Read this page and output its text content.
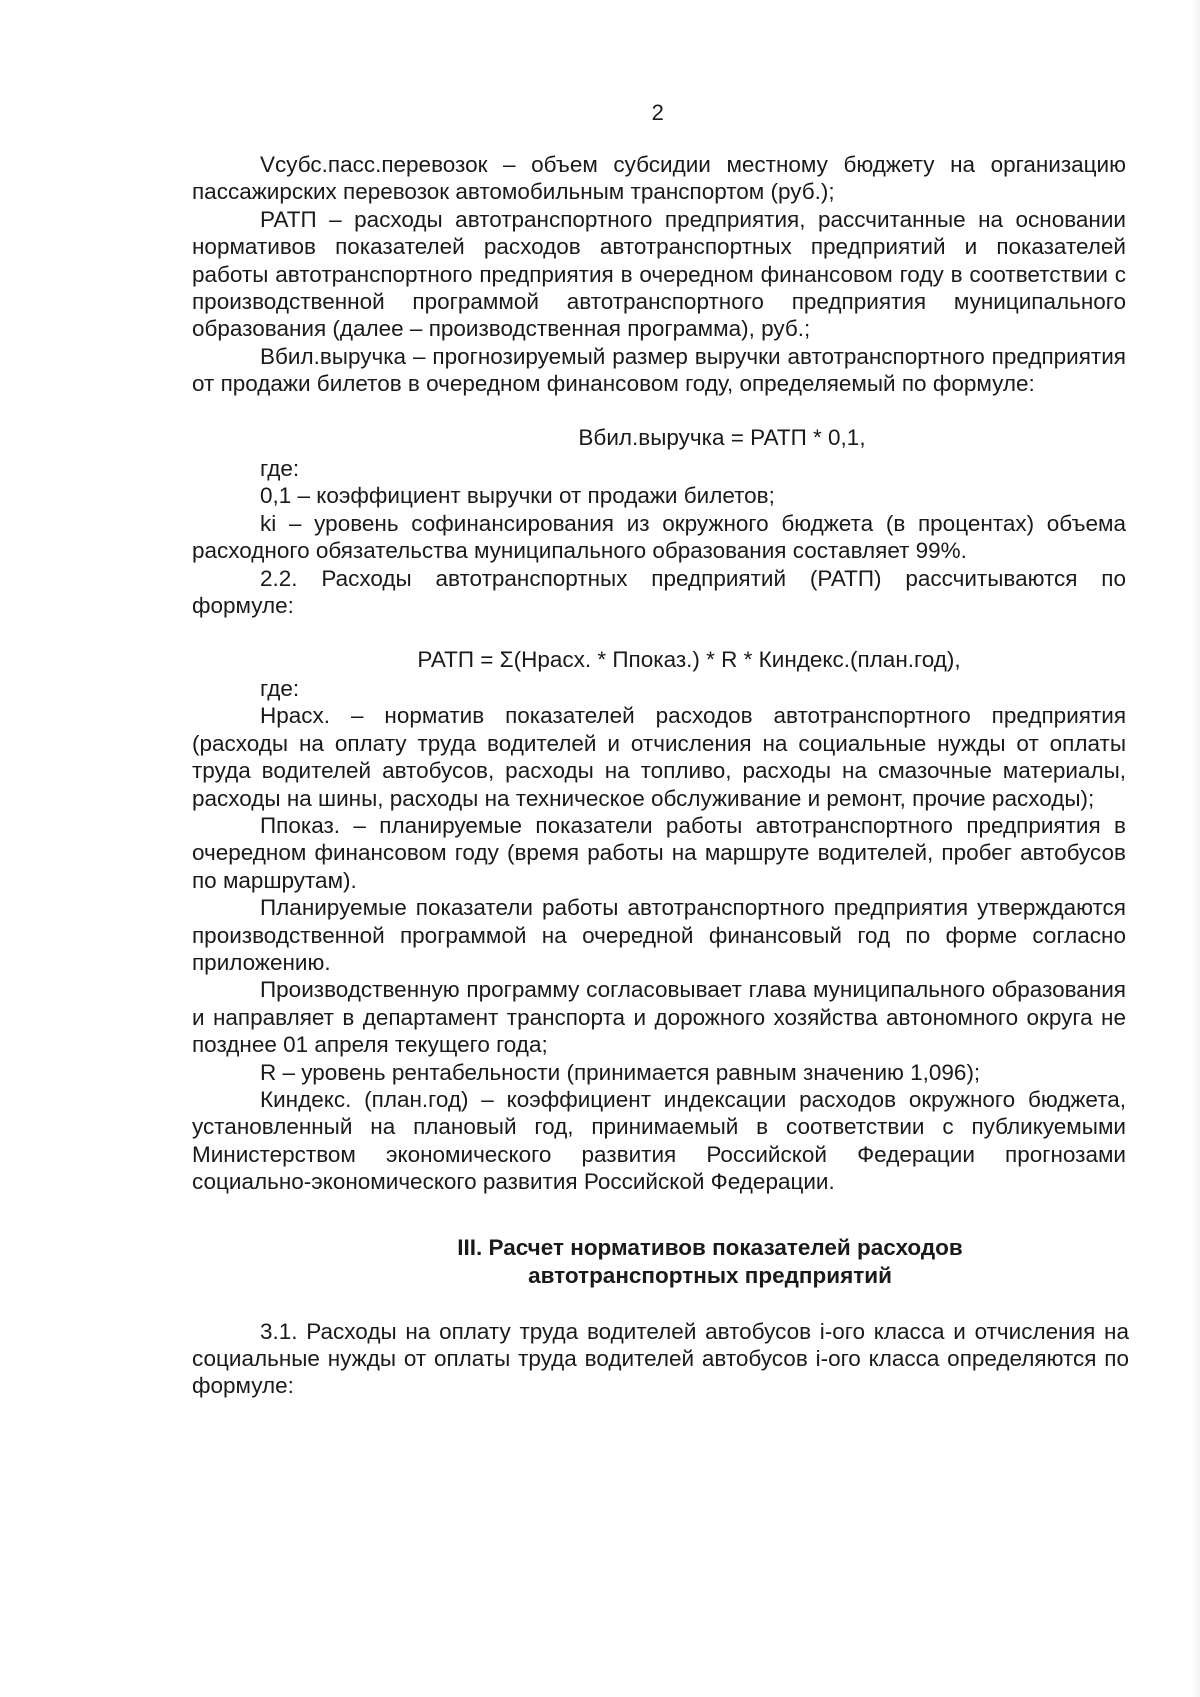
2

Vсубс.пасс.перевозок – объем субсидии местному бюджету на организацию пассажирских перевозок автомобильным транспортом (руб.);

РАТП – расходы автотранспортного предприятия, рассчитанные на основании нормативов показателей расходов автотранспортных предприятий и показателей работы автотранспортного предприятия в очередном финансовом году в соответствии с производственной программой автотранспортного предприятия муниципального образования (далее – производственная программа), руб.;

Вбил.выручка – прогнозируемый размер выручки автотранспортного предприятия от продажи билетов в очередном финансовом году, определяемый по формуле:

Вбил.выручка = РАТП * 0,1,

где:

0,1 – коэффициент выручки от продажи билетов;

ki – уровень софинансирования из окружного бюджета (в процентах) объема расходного обязательства муниципального образования составляет 99%.

2.2. Расходы автотранспортных предприятий (РАТП) рассчитываются по формуле:

РАТП = Σ(Нрасх. * Ппоказ.) * R * Киндекс.(план.год),

где:

Нрасх. – норматив показателей расходов автотранспортного предприятия (расходы на оплату труда водителей и отчисления на социальные нужды от оплаты труда водителей автобусов, расходы на топливо, расходы на смазочные материалы, расходы на шины, расходы на техническое обслуживание и ремонт, прочие расходы);

Ппоказ. – планируемые показатели работы автотранспортного предприятия в очередном финансовом году (время работы на маршруте водителей, пробег автобусов по маршрутам).

Планируемые показатели работы автотранспортного предприятия утверждаются производственной программой на очередной финансовый год по форме согласно приложению.

Производственную программу согласовывает глава муниципального образования и направляет в департамент транспорта и дорожного хозяйства автономного округа не позднее 01 апреля текущего года;

R – уровень рентабельности (принимается равным значению 1,096);

Киндекс. (план.год) – коэффициент индексации расходов окружного бюджета, установленный на плановый год, принимаемый в соответствии с публикуемыми Министерством экономического развития Российской Федерации прогнозами социально-экономического развития Российской Федерации.

III. Расчет нормативов показателей расходов
автотранспортных предприятий

3.1. Расходы на оплату труда водителей автобусов i-ого класса и отчисления на социальные нужды от оплаты труда водителей автобусов i-ого класса определяются по формуле:
